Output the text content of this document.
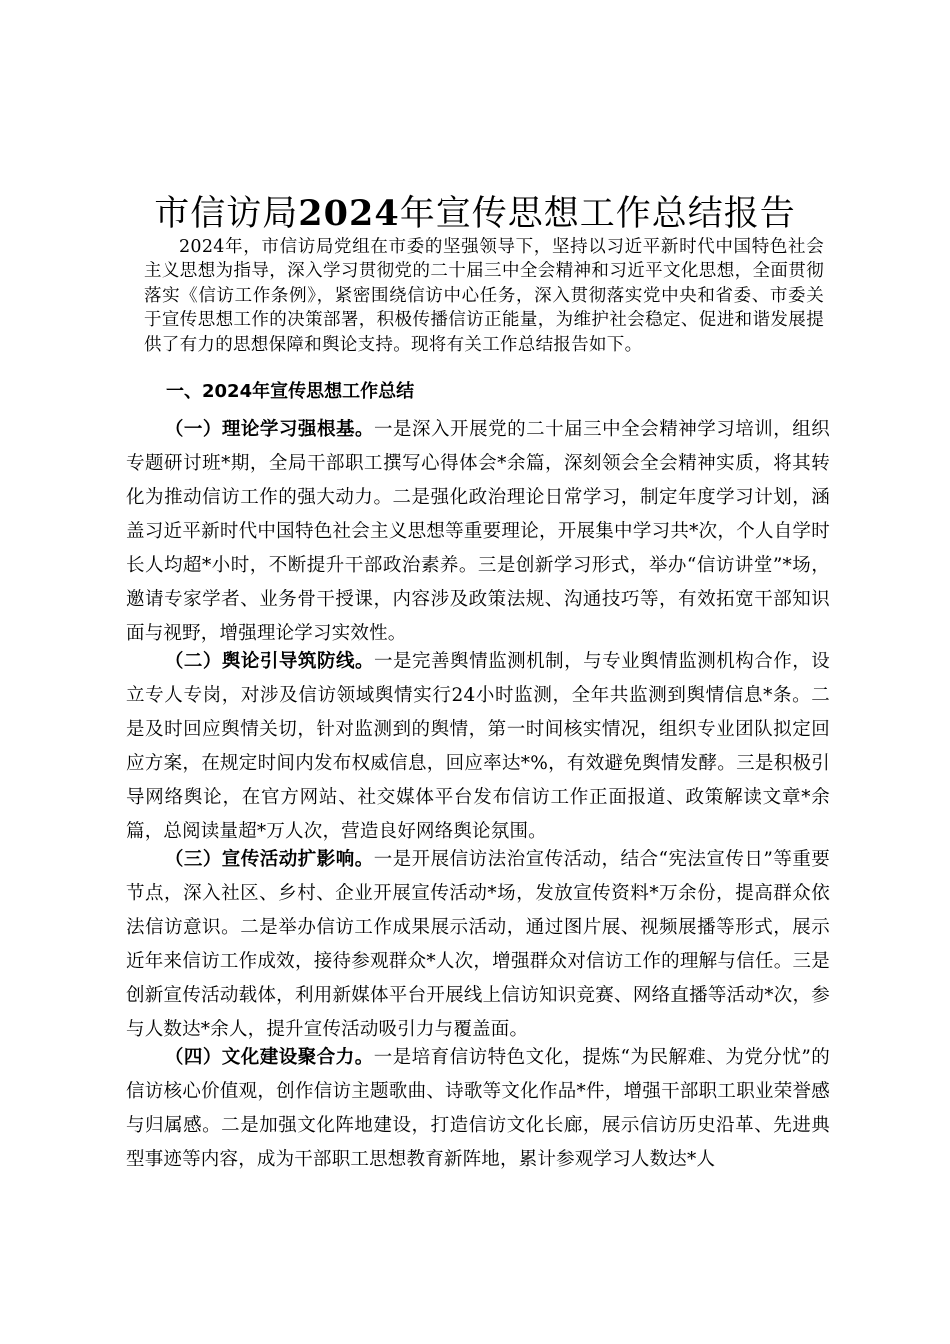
市信访局2024年宣传思想工作总结报告

2024年，市信访局党组在市委的坚强领导下，坚持以习近平新时代中国特色社会主义思想为指导，深入学习贯彻党的二十届三中全会精神和习近平文化思想，全面贯彻落实《信访工作条例》，紧密围绕信访中心任务，深入贯彻落实党中央和省委、市委关于宣传思想工作的决策部署，积极传播信访正能量，为维护社会稳定、促进和谐发展提供了有力的思想保障和舆论支持。现将有关工作总结报告如下。

一、2024年宣传思想工作总结

（一）理论学习强根基。一是深入开展党的二十届三中全会精神学习培训，组织专题研讨班*期，全局干部职工撰写心得体会*余篇，深刻领会全会精神实质，将其转化为推动信访工作的强大动力。二是强化政治理论日常学习，制定年度学习计划，涵盖习近平新时代中国特色社会主义思想等重要理论，开展集中学习共*次，个人自学时长人均超*小时，不断提升干部政治素养。三是创新学习形式，举办“信访讲堂”*场，邀请专家学者、业务骨干授课，内容涉及政策法规、沟通技巧等，有效拓宽干部知识面与视野，增强理论学习实效性。

（二）舆论引导筑防线。一是完善舆情监测机制，与专业舆情监测机构合作，设立专人专岗，对涉及信访领域舆情实行24小时监测，全年共监测到舆情信息*条。二是及时回应舆情关切，针对监测到的舆情，第一时间核实情况，组织专业团队拟定回应方案，在规定时间内发布权威信息，回应率达*%，有效避免舆情发酵。三是积极引导网络舆论，在官方网站、社交媒体平台发布信访工作正面报道、政策解读文章*余篇，总阅读量超*万人次，营造良好网络舆论氛围。

（三）宣传活动扩影响。一是开展信访法治宣传活动，结合“宪法宣传日”等重要节点，深入社区、乡村、企业开展宣传活动*场，发放宣传资料*万余份，提高群众依法信访意识。二是举办信访工作成果展示活动，通过图片展、视频展播等形式，展示近年来信访工作成效，接待参观群众*人次，增强群众对信访工作的理解与信任。三是创新宣传活动载体，利用新媒体平台开展线上信访知识竞赛、网络直播等活动*次，参与人数达*余人，提升宣传活动吸引力与覆盖面。

（四）文化建设聚合力。一是培育信访特色文化，提炼“为民解难、为党分忧”的信访核心价值观，创作信访主题歌曲、诗歌等文化作品*件，增强干部职工职业荣誉感与归属感。二是加强文化阵地建设，打造信访文化长廊，展示信访历史沿革、先进典型事迹等内容，成为干部职工思想教育新阵地，累计参观学习人数达*人
